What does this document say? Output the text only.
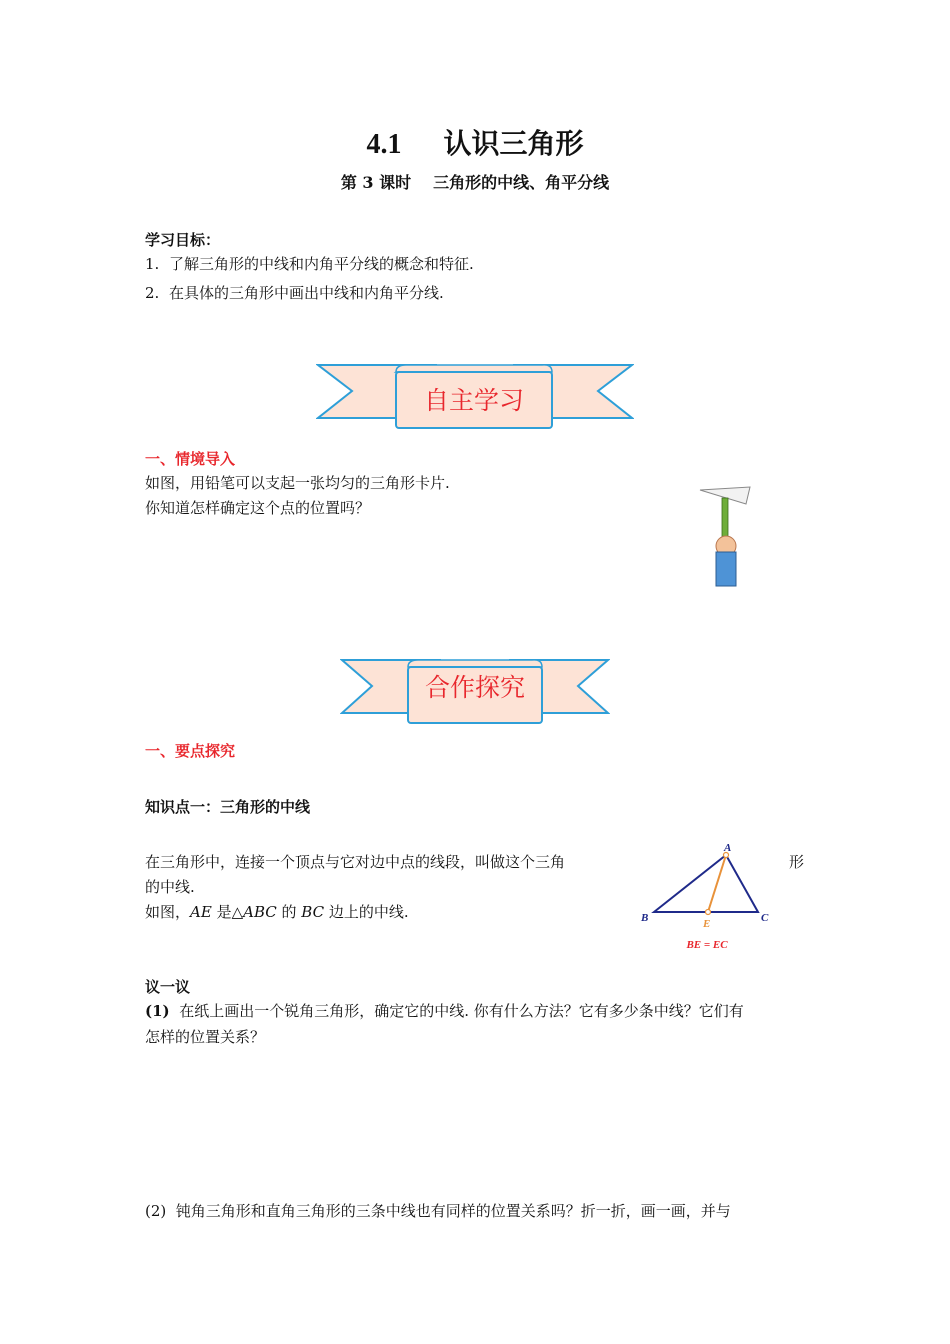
4.1 认识三角形
第 3 课时 三角形的中线、角平分线
学习目标：
1. 了解三角形的中线和内角平分线的概念和特征.
2. 在具体的三角形中画出中线和内角平分线.
自主学习
一、情境导入
如图，用铅笔可以支起一张均匀的三角形卡片.
你知道怎样确定这个点的位置吗？
合作探究
一、要点探究
知识点一：三角形的中线
在三角形中，连接一个顶点与它对边中点的线段，叫做这个三角	形
的中线.
如图，AE 是△ABC 的 BC 边上的中线.
A
B	C
E
BE = EC
议一议
(1) 在纸上画出一个锐角三角形，确定它的中线. 你有什么方法？它有多少条中线？它们有
怎样的位置关系？
(2) 钝角三角形和直角三角形的三条中线也有同样的位置关系吗？折一折，画一画，并与
